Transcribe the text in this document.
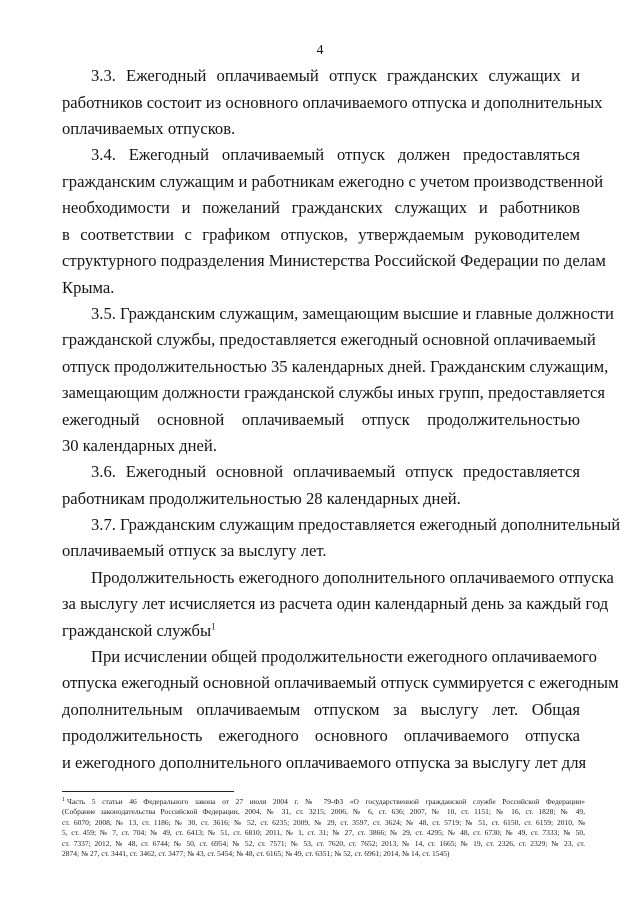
4
3.3. Ежегодный оплачиваемый отпуск гражданских служащих и
работников состоит из основного оплачиваемого отпуска и дополнительных
оплачиваемых отпусков.
3.4. Ежегодный оплачиваемый отпуск должен предоставляться
гражданским служащим и работникам ежегодно с учетом производственной
необходимости и пожеланий гражданских служащих и работников
в соответствии с графиком отпусков, утверждаемым руководителем
структурного подразделения Министерства Российской Федерации по делам
Крыма.
3.5. Гражданским служащим, замещающим высшие и главные должности
гражданской службы, предоставляется ежегодный основной оплачиваемый
отпуск продолжительностью 35 календарных дней. Гражданским служащим,
замещающим должности гражданской службы иных групп, предоставляется
ежегодный основной оплачиваемый отпуск продолжительностью
30 календарных дней.
3.6. Ежегодный основной оплачиваемый отпуск предоставляется
работникам продолжительностью 28 календарных дней.
3.7. Гражданским служащим предоставляется ежегодный дополнительный
оплачиваемый отпуск за выслугу лет.
Продолжительность ежегодного дополнительного оплачиваемого отпуска
за выслугу лет исчисляется из расчета один календарный день за каждый год
гражданской службы$^1$
При исчислении общей продолжительности ежегодного оплачиваемого
отпуска ежегодный основной оплачиваемый отпуск суммируется с ежегодным
дополнительным оплачиваемым отпуском за выслугу лет. Общая
продолжительность ежегодного основного оплачиваемого отпуска
и ежегодного дополнительного оплачиваемого отпуска за выслугу лет для
$^1$ Часть 5 статьи 46 Федерального закона от 27 июля 2004 г. № 79-ФЗ «О государственной гражданской службе Российской Федерации»
(Собрание законодательства Российской Федерации, 2004, № 31, ст. 3215; 2006, № 6, ст. 636; 2007, № 10, ст. 1151; № 16, ст. 1828; № 49,
ст. 6070; 2008, № 13, ст. 1186; № 30, ст. 3616; № 52, ст. 6235; 2009, № 29, ст. 3597, ст. 3624; № 48, ст. 5719; № 51, ст. 6150, ст. 6159; 2010, №
5, ст. 459; № 7, ст. 704; № 49, ст. 6413; № 51, ст. 6810; 2011, № 1, ст. 31; № 27, ст. 3866; № 29, ст. 4295; № 48, ст. 6730; № 49, ст. 7333; № 50,
ст. 7337; 2012, № 48, ст. 6744; № 50, ст. 6954; № 52, ст. 7571; № 53, ст. 7620, ст. 7652; 2013, № 14, ст. 1665; № 19, ст. 2326, ст. 2329; № 23, ст.
2874; № 27, ст. 3441, ст. 3462, ст. 3477; № 43, ст. 5454; № 48, ст. 6165; № 49, ст. 6351; № 52, ст. 6961; 2014, № 14, ст. 1545)
